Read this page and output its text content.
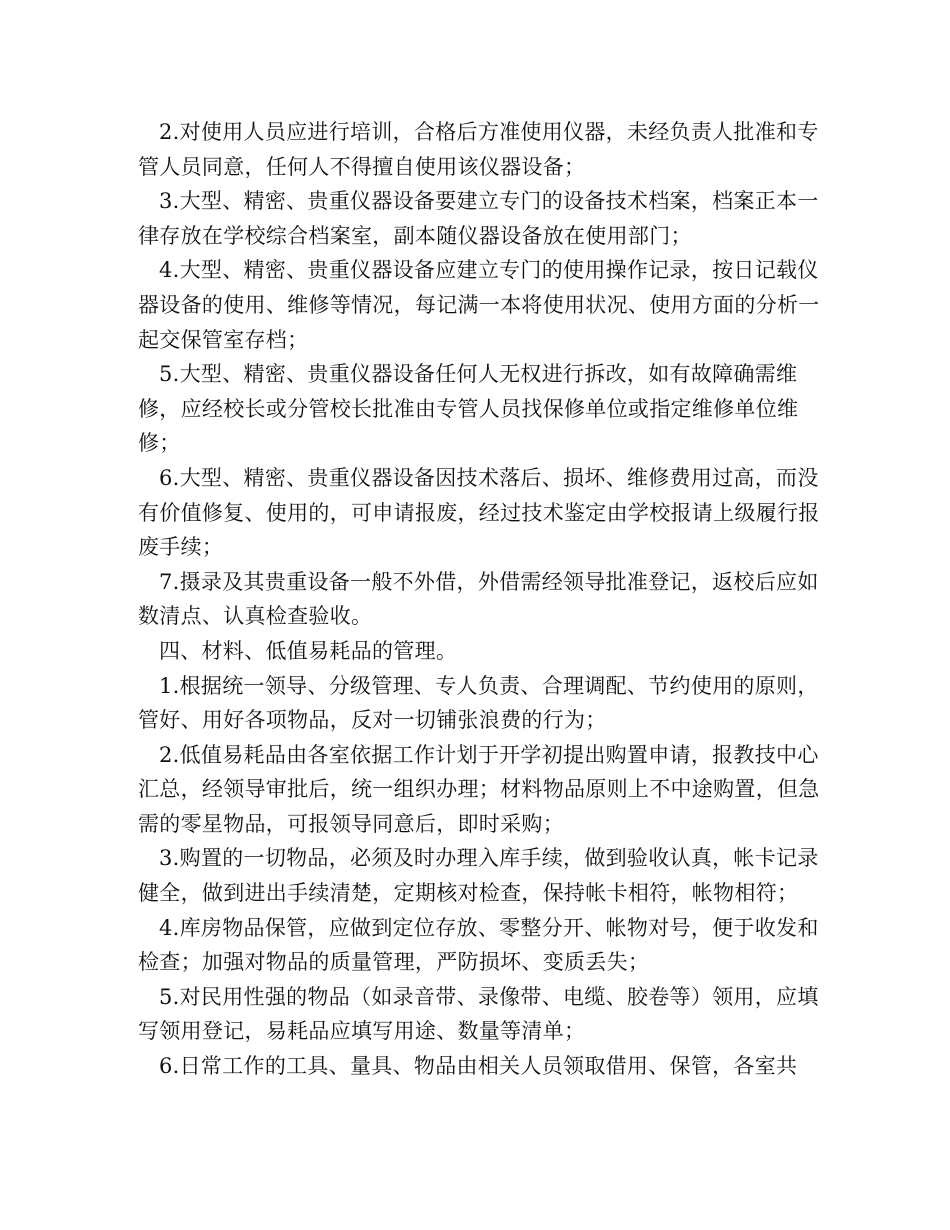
2.对使用人员应进行培训，合格后方准使用仪器，未经负责人批准和专管人员同意，任何人不得擅自使用该仪器设备；

3.大型、精密、贵重仪器设备要建立专门的设备技术档案，档案正本一律存放在学校综合档案室，副本随仪器设备放在使用部门；

4.大型、精密、贵重仪器设备应建立专门的使用操作记录，按日记载仪器设备的使用、维修等情况，每记满一本将使用状况、使用方面的分析一起交保管室存档；

5.大型、精密、贵重仪器设备任何人无权进行拆改，如有故障确需维修，应经校长或分管校长批准由专管人员找保修单位或指定维修单位维修；

6.大型、精密、贵重仪器设备因技术落后、损坏、维修费用过高，而没有价值修复、使用的，可申请报废，经过技术鉴定由学校报请上级履行报废手续；

7.摄录及其贵重设备一般不外借，外借需经领导批准登记，返校后应如数清点、认真检查验收。

四、材料、低值易耗品的管理。

1.根据统一领导、分级管理、专人负责、合理调配、节约使用的原则，管好、用好各项物品，反对一切铺张浪费的行为；

2.低值易耗品由各室依据工作计划于开学初提出购置申请，报教技中心汇总，经领导审批后，统一组织办理；材料物品原则上不中途购置，但急需的零星物品，可报领导同意后，即时采购；

3.购置的一切物品，必须及时办理入库手续，做到验收认真，帐卡记录健全，做到进出手续清楚，定期核对检查，保持帐卡相符，帐物相符；

4.库房物品保管，应做到定位存放、零整分开、帐物对号，便于收发和检查；加强对物品的质量管理，严防损坏、变质丢失；

5.对民用性强的物品（如录音带、录像带、电缆、胶卷等）领用，应填写领用登记，易耗品应填写用途、数量等清单；

6.日常工作的工具、量具、物品由相关人员领取借用、保管，各室共
